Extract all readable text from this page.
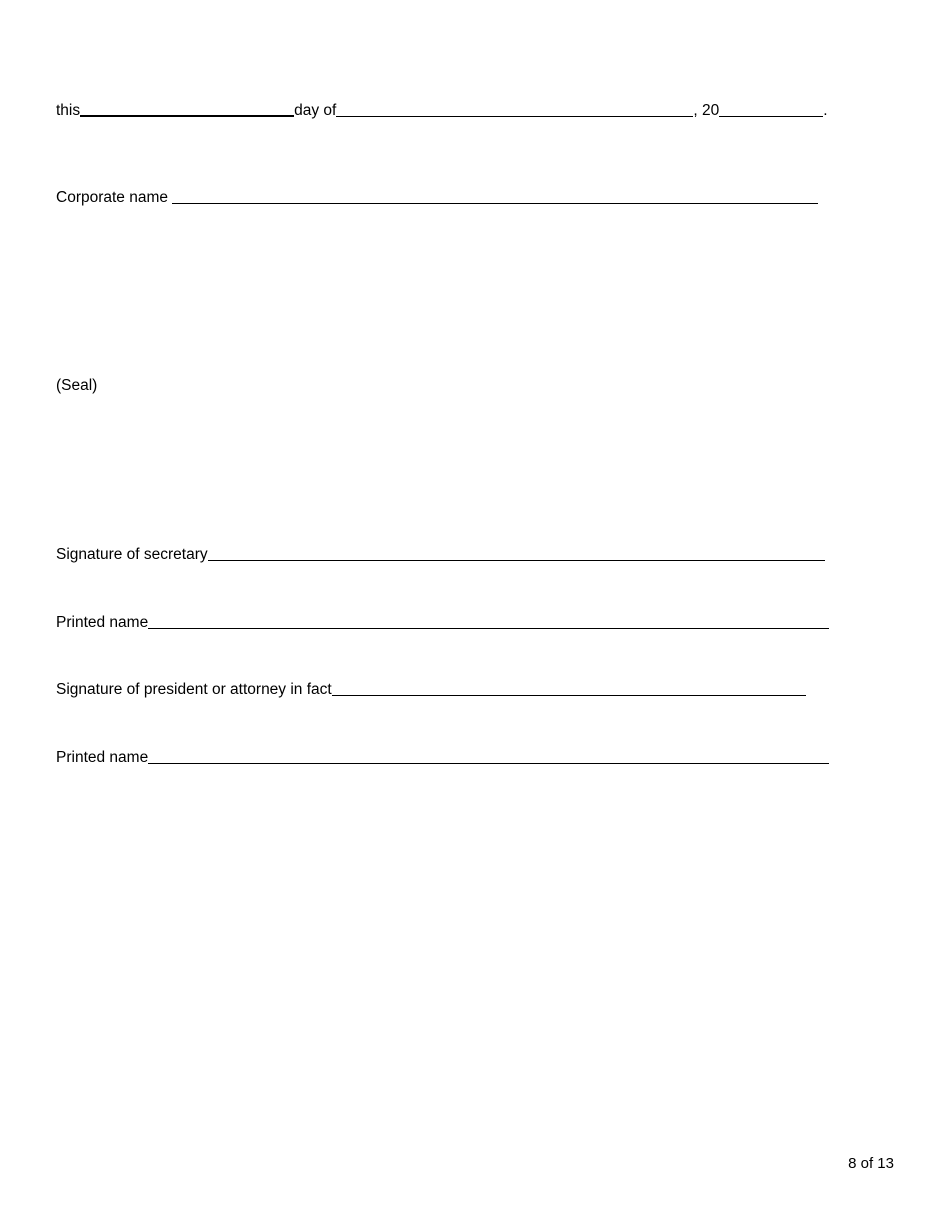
this	day of	, 20	.
Corporate name
(Seal)
Signature of secretary
Printed name
Signature of president or attorney in fact
Printed name
8 of 13
